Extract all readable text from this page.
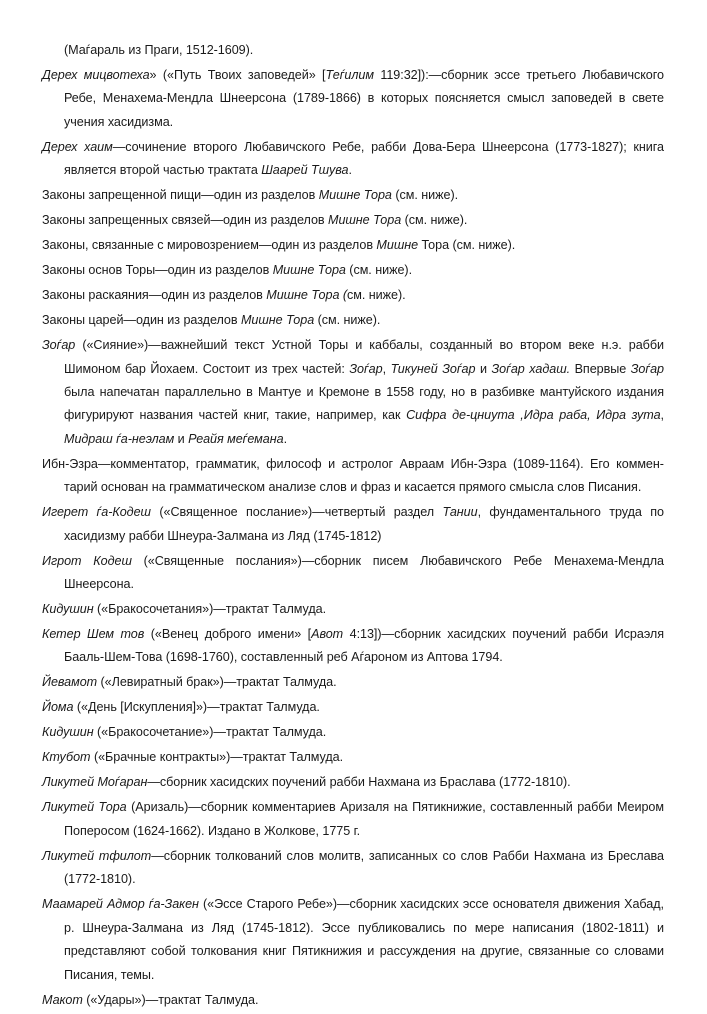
(Маѓараль из Праги, 1512-1609).

Дерех мицвотеха» («Путь Твоих заповедей» [Теѓилим 119:32]):—сборник эссе третьего Любавичского Ребе, Менахема-Мендла Шнеерсона (1789-1866) в которых поясняется смысл заповедей в свете учения хасидизма.

Дерех хаим—сочинение второго Любавичского Ребе, рабби Дова-Бера Шнеерсона (1773-1827); книга является второй частью трактата Шаарей Тшува.

Законы запрещенной пищи—один из разделов Мишне Тора (см. ниже).

Законы запрещенных связей—один из разделов Мишне Тора (см. ниже).

Законы, связанные с мировозрением—один из разделов Мишне Тора (см. ниже).

Законы основ Торы—один из разделов Мишне Тора (см. ниже).

Законы раскаяния—один из разделов Мишне Тора (см. ниже).

Законы царей—один из разделов Мишне Тора (см. ниже).

Зоѓар («Сияние»)—важнейший текст Устной Торы и каббалы, созданный во втором веке н.э. рабби Шимоном бар Йохаем. Состоит из трех частей: Зоѓар, Тикуней Зоѓар и Зоѓар хадаш. Впервые Зоѓар была напечатан параллельно в Мантуе и Кремоне в 1558 году, но в разбивке мантуйского издания фигурируют названия частей книг, такие, например, как Сифра де-цниута ,Идра раба, Идра зута, Мидраш ѓа-неэлам и Реайя меѓемана.

Ибн-Эзра—комментатор, грамматик, философ и астролог Авраам Ибн-Эзра (1089-1164). Его комментарий основан на грамматическом анализе слов и фраз и касается прямого смысла слов Писания.

Игерет ѓа-Кодеш («Священное послание»)—четвертый раздел Тании, фундаментального труда по хасидизму рабби Шнеура-Залмана из Ляд (1745-1812)

Игрот Кодеш («Священные послания»)—сборник писем Любавичского Ребе Менахема-Мендла Шнеерсона.

Кидушин («Бракосочетания»)—трактат Талмуда.

Кетер Шем тов («Венец доброго имени» [Авот 4:13])—сборник хасидских поучений рабби Исраэля Бааль-Шем-Това (1698-1760), составленный реб Аѓароном из Аптова 1794.

Йевамот («Левиратный брак»)—трактат Талмуда.

Йома («День [Искупления]»)—трактат Талмуда.

Кидушин («Бракосочетание»)—трактат Талмуда.

Ктубот («Брачные контракты»)—трактат Талмуда.

Ликутей Моѓаран—сборник хасидских поучений рабби Нахмана из Браслава (1772-1810).

Ликутей Тора (Аризаль)—сборник комментариев Аризаля на Пятикнижие, составленный рабби Меиром Поперосом (1624-1662). Издано в Жолкове, 1775 г.

Ликутей тфилот—сборник толкований слов молитв, записанных со слов Рабби Нахмана из Бреслава (1772-1810).

Маамарей Адмор ѓа-Закен («Эссе Старого Ребе»)—сборник хасидских эссе основателя движения Хабад, р. Шнеура-Залмана из Ляд (1745-1812). Эссе публиковались по мере написания (1802-1811) и представляют собой толкования книг Пятикнижия и рассуждения на другие, связанные со словами Писания, темы.

Макот («Удары»)—трактат Талмуда.
